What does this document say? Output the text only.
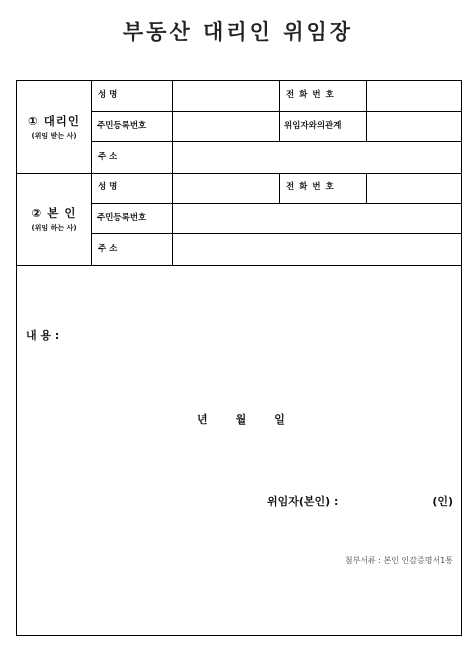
부동산 대리인 위임장
① 대리인
(위임 받는 사)
성 명	전 화 번 호
주민등록번호	위임자와의관계
주 소
② 본 인
(위임 하는 사)
성 명	전 화 번 호
주민등록번호
주 소
내 용 :
년	월	일
위임자(본인) :	(인)
첨부서류 : 본인 인감증명서1통
